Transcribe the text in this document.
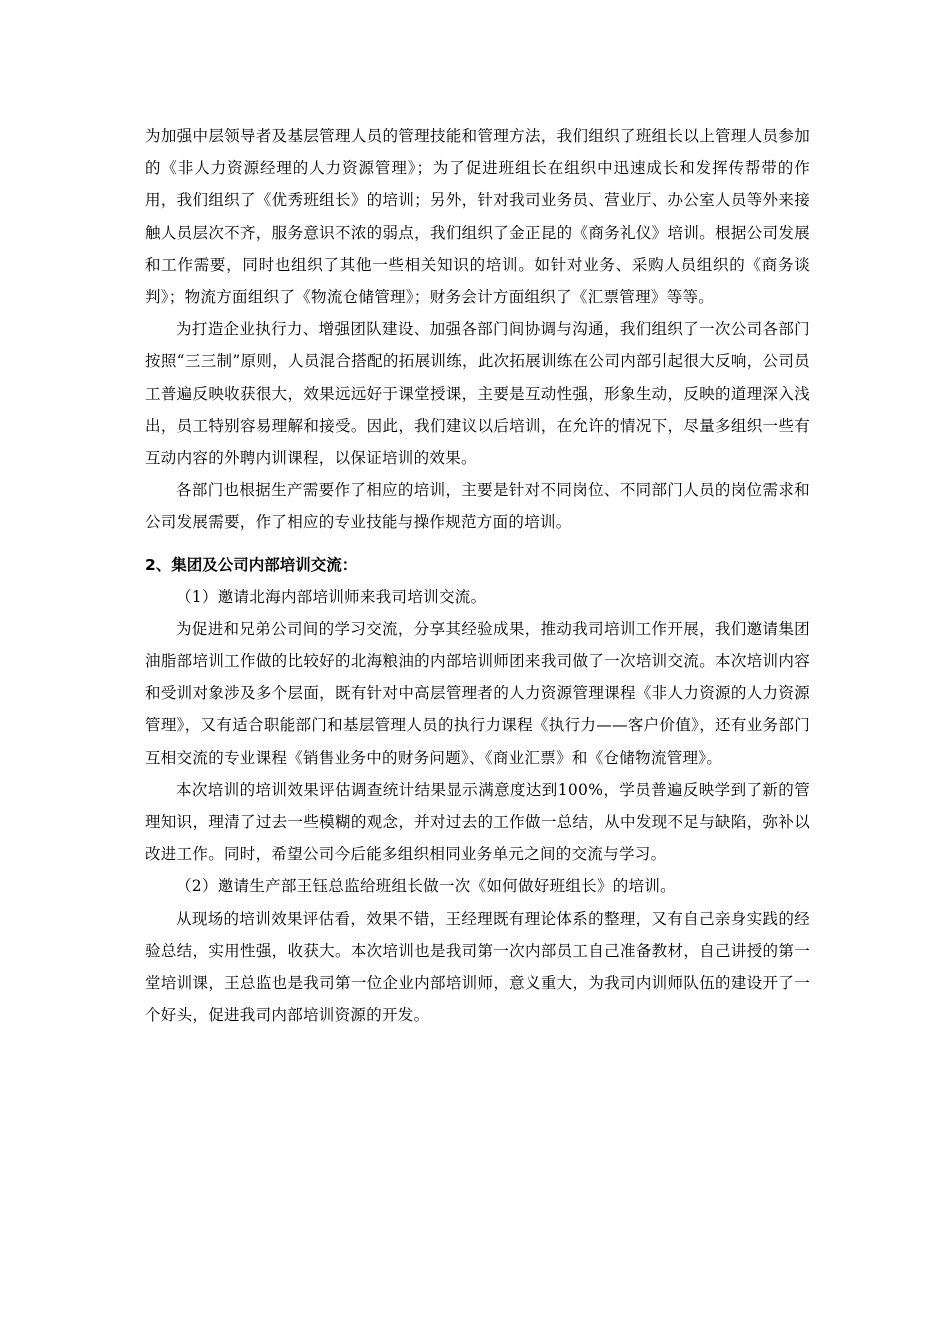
为加强中层领导者及基层管理人员的管理技能和管理方法，我们组织了班组长以上管理人员参加的《非人力资源经理的人力资源管理》；为了促进班组长在组织中迅速成长和发挥传帮带的作用，我们组织了《优秀班组长》的培训；另外，针对我司业务员、营业厅、办公室人员等外来接触人员层次不齐，服务意识不浓的弱点，我们组织了金正昆的《商务礼仪》培训。根据公司发展和工作需要，同时也组织了其他一些相关知识的培训。如针对业务、采购人员组织的《商务谈判》；物流方面组织了《物流仓储管理》；财务会计方面组织了《汇票管理》等等。

为打造企业执行力、增强团队建设、加强各部门间协调与沟通，我们组织了一次公司各部门按照“三三制”原则，人员混合搭配的拓展训练，此次拓展训练在公司内部引起很大反响，公司员工普遍反映收获很大，效果远远好于课堂授课，主要是互动性强，形象生动，反映的道理深入浅出，员工特别容易理解和接受。因此，我们建议以后培训，在允许的情况下，尽量多组织一些有互动内容的外聘内训课程，以保证培训的效果。

各部门也根据生产需要作了相应的培训，主要是针对不同岗位、不同部门人员的岗位需求和公司发展需要，作了相应的专业技能与操作规范方面的培训。

2、集团及公司内部培训交流：

（1）邀请北海内部培训师来我司培训交流。

为促进和兄弟公司间的学习交流，分享其经验成果，推动我司培训工作开展，我们邀请集团油脂部培训工作做的比较好的北海粮油的内部培训师团来我司做了一次培训交流。本次培训内容和受训对象涉及多个层面，既有针对中高层管理者的人力资源管理课程《非人力资源的人力资源管理》，又有适合职能部门和基层管理人员的执行力课程《执行力——客户价值》，还有业务部门互相交流的专业课程《销售业务中的财务问题》、《商业汇票》和《仓储物流管理》。

本次培训的培训效果评估调查统计结果显示满意度达到100%，学员普遍反映学到了新的管理知识，理清了过去一些模糊的观念，并对过去的工作做一总结，从中发现不足与缺陷，弥补以改进工作。同时，希望公司今后能多组织相同业务单元之间的交流与学习。

（2）邀请生产部王钰总监给班组长做一次《如何做好班组长》的培训。

从现场的培训效果评估看，效果不错，王经理既有理论体系的整理，又有自己亲身实践的经验总结，实用性强，收获大。本次培训也是我司第一次内部员工自己准备教材，自己讲授的第一堂培训课，王总监也是我司第一位企业内部培训师，意义重大，为我司内训师队伍的建设开了一个好头，促进我司内部培训资源的开发。
